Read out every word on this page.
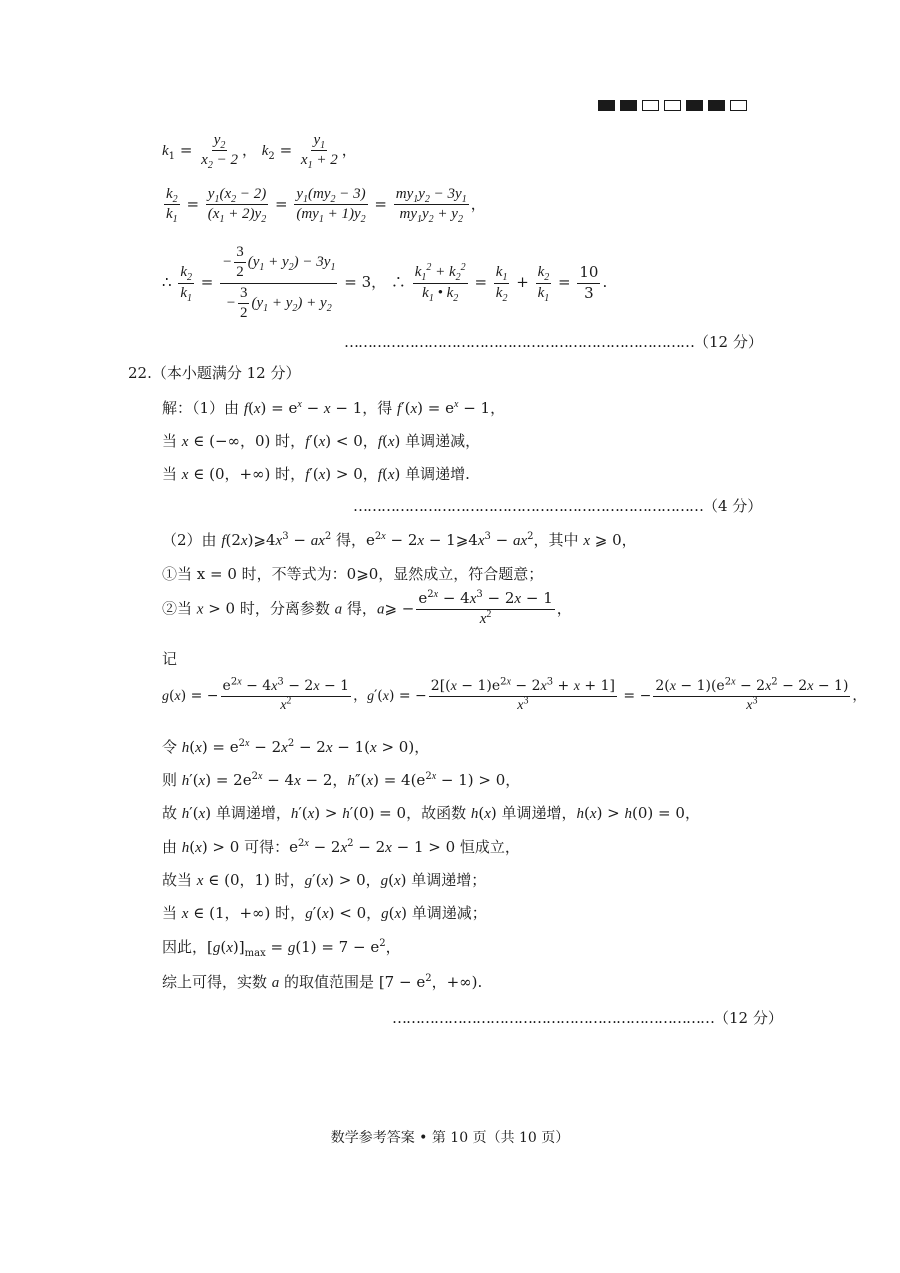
$k_1 = \frac{y_2}{x_2 - 2}$ ， $k_2 = \frac{y_1}{x_1 + 2}$ ，
$\frac{k_2}{k_1} = \frac{y_1(x_2 - 2)}{(x_1 + 2)y_2} = \frac{y_1(my_2 - 3)}{(my_1 + 1)y_2} = \frac{my_1y_2 - 3y_1}{my_1y_2 + y_2}$ ，
∴ $\frac{k_2}{k_1} = \frac{- \frac{3}{2} (y_1 + y_2) - 3y_1}{- \frac{3}{2} (y_1 + y_2) + y_2} = 3$， ∴ $\frac{k_1^2 + k_2^2}{k_1 • k_2} = \frac{k_1}{k_2} + \frac{k_2}{k_1} = \frac{10}{3}$ .
…………………………………………………………………（12 分）
22.（本小题满分 12 分）
解：（1）由 $f(x) = e^x - x - 1$，得 $f'(x) = e^x - 1$，
当 x ∈ (−∞，0) 时，f′(x) < 0，f(x) 单调递减，
当 x ∈ (0，+∞) 时，f′(x) > 0，f(x) 单调递增.
…………………………………………………………………（4 分）
（2）由 $f(2x)⩾4x^3 - ax^2$ 得，$e^{2x} - 2x$ − $1⩾4x^3 - ax^2$，其中 x ⩾ 0，
①当 x = 0 时，不等式为：0⩾0，显然成立，符合题意；
②当 x > 0 时，分离参数 a 得，a⩾ − $\frac{e^{2x} - 4x^3 - 2x - 1}{x^2}$ ，
记
g(x) = − $\frac{e^{2x} - 4x^3 - 2x - 1}{x^2}$ ，g′(x) = − $\frac{2[(x - 1)e^{2x} - 2x^3 + x + 1]}{x^3}$ = − $\frac{2(x - 1)(e^{2x} - 2x^2 - 2x - 1)}{x^3}$ ，
令 $h(x) = e^{2x} - 2x^2 - 2x - 1(x > 0)$，
则 $h'(x) = 2e^{2x} - 4x - 2$，$h''(x) = 4(e^{2x} - 1) > 0$，
故 h′(x) 单调递增，h′(x) > h′(0) = 0，故函数 h(x) 单调递增，h(x) > h(0) = 0，
由 h(x) > 0 可得：$e^{2x} - 2x^2 - 2x - 1 > 0$ 恒成立，
故当 x ∈ (0，1) 时，g′(x) > 0，g(x) 单调递增；
当 x ∈ (1，+∞) 时，g′(x) < 0，g(x) 单调递减；
因此，$[g(x)]_{max} = g(1) = 7 - e^2$，
综上可得，实数 a 的取值范围是 [$7 - e^2$，+∞).
……………………………………………………………（12 分）
数学参考答案 • 第 10 页（共 10 页）
